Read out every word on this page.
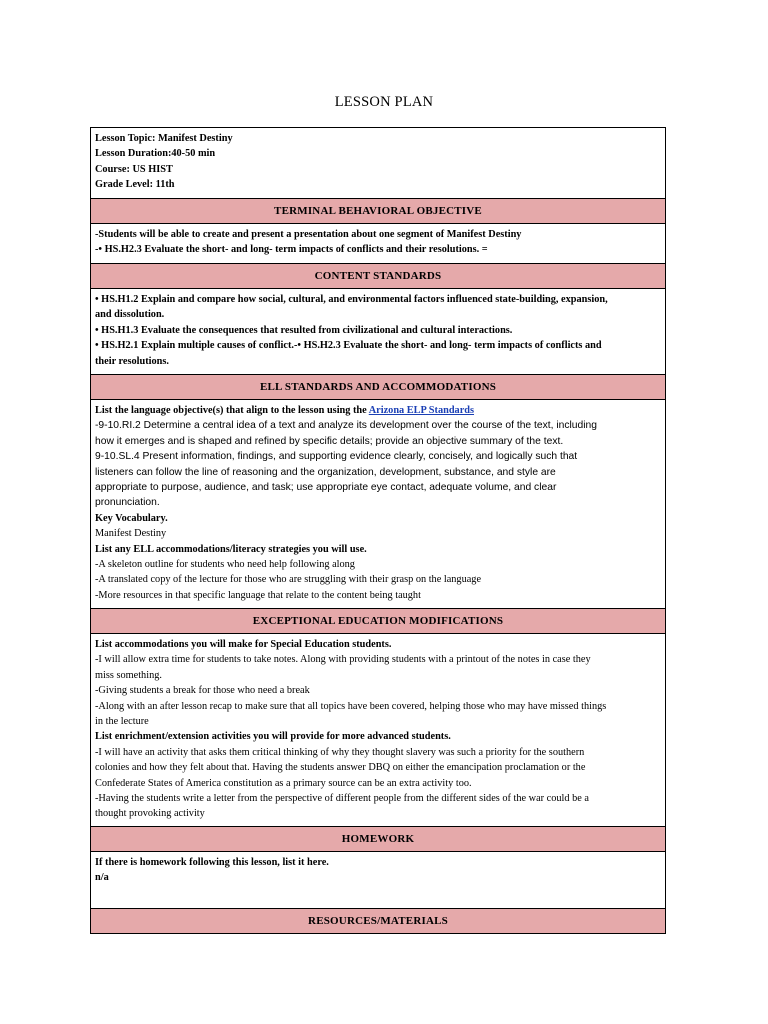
LESSON PLAN
Lesson Topic: Manifest Destiny
Lesson Duration:40-50 min
Course: US HIST
Grade Level: 11th
TERMINAL BEHAVIORAL OBJECTIVE
-Students will be able to create and present a presentation about one segment of Manifest Destiny
-• HS.H2.3 Evaluate the short- and long- term impacts of conflicts and their resolutions. =
CONTENT STANDARDS
• HS.H1.2 Explain and compare how social, cultural, and environmental factors influenced state-building, expansion,
and dissolution.
• HS.H1.3 Evaluate the consequences that resulted from civilizational and cultural interactions.
• HS.H2.1 Explain multiple causes of conflict.-• HS.H2.3 Evaluate the short- and long- term impacts of conflicts and
their resolutions.
ELL STANDARDS AND ACCOMMODATIONS
List the language objective(s) that align to the lesson using the Arizona ELP Standards
-9-10.RI.2 Determine a central idea of a text and analyze its development over the course of the text, including
how it emerges and is shaped and refined by specific details; provide an objective summary of the text.
9-10.SL.4 Present information, findings, and supporting evidence clearly, concisely, and logically such that
listeners can follow the line of reasoning and the organization, development, substance, and style are
appropriate to purpose, audience, and task; use appropriate eye contact, adequate volume, and clear
pronunciation.
Key Vocabulary.
Manifest Destiny
List any ELL accommodations/literacy strategies you will use.
-A skeleton outline for students who need help following along
-A translated copy of the lecture for those who are struggling with their grasp on the language
-More resources in that specific language that relate to the content being taught
EXCEPTIONAL EDUCATION MODIFICATIONS
List accommodations you will make for Special Education students.
-I will allow extra time for students to take notes. Along with providing students with a printout of the notes in case they
miss something.
-Giving students a break for those who need a break
-Along with an after lesson recap to make sure that all topics have been covered, helping those who may have missed things
in the lecture
List enrichment/extension activities you will provide for more advanced students.
-I will have an activity that asks them critical thinking of why they thought slavery was such a priority for the southern
colonies and how they felt about that. Having the students answer DBQ on either the emancipation proclamation or the
Confederate States of America constitution as a primary source can be an extra activity too.
-Having the students write a letter from the perspective of different people from the different sides of the war could be a
thought provoking activity
HOMEWORK
If there is homework following this lesson, list it here.
n/a
RESOURCES/MATERIALS
